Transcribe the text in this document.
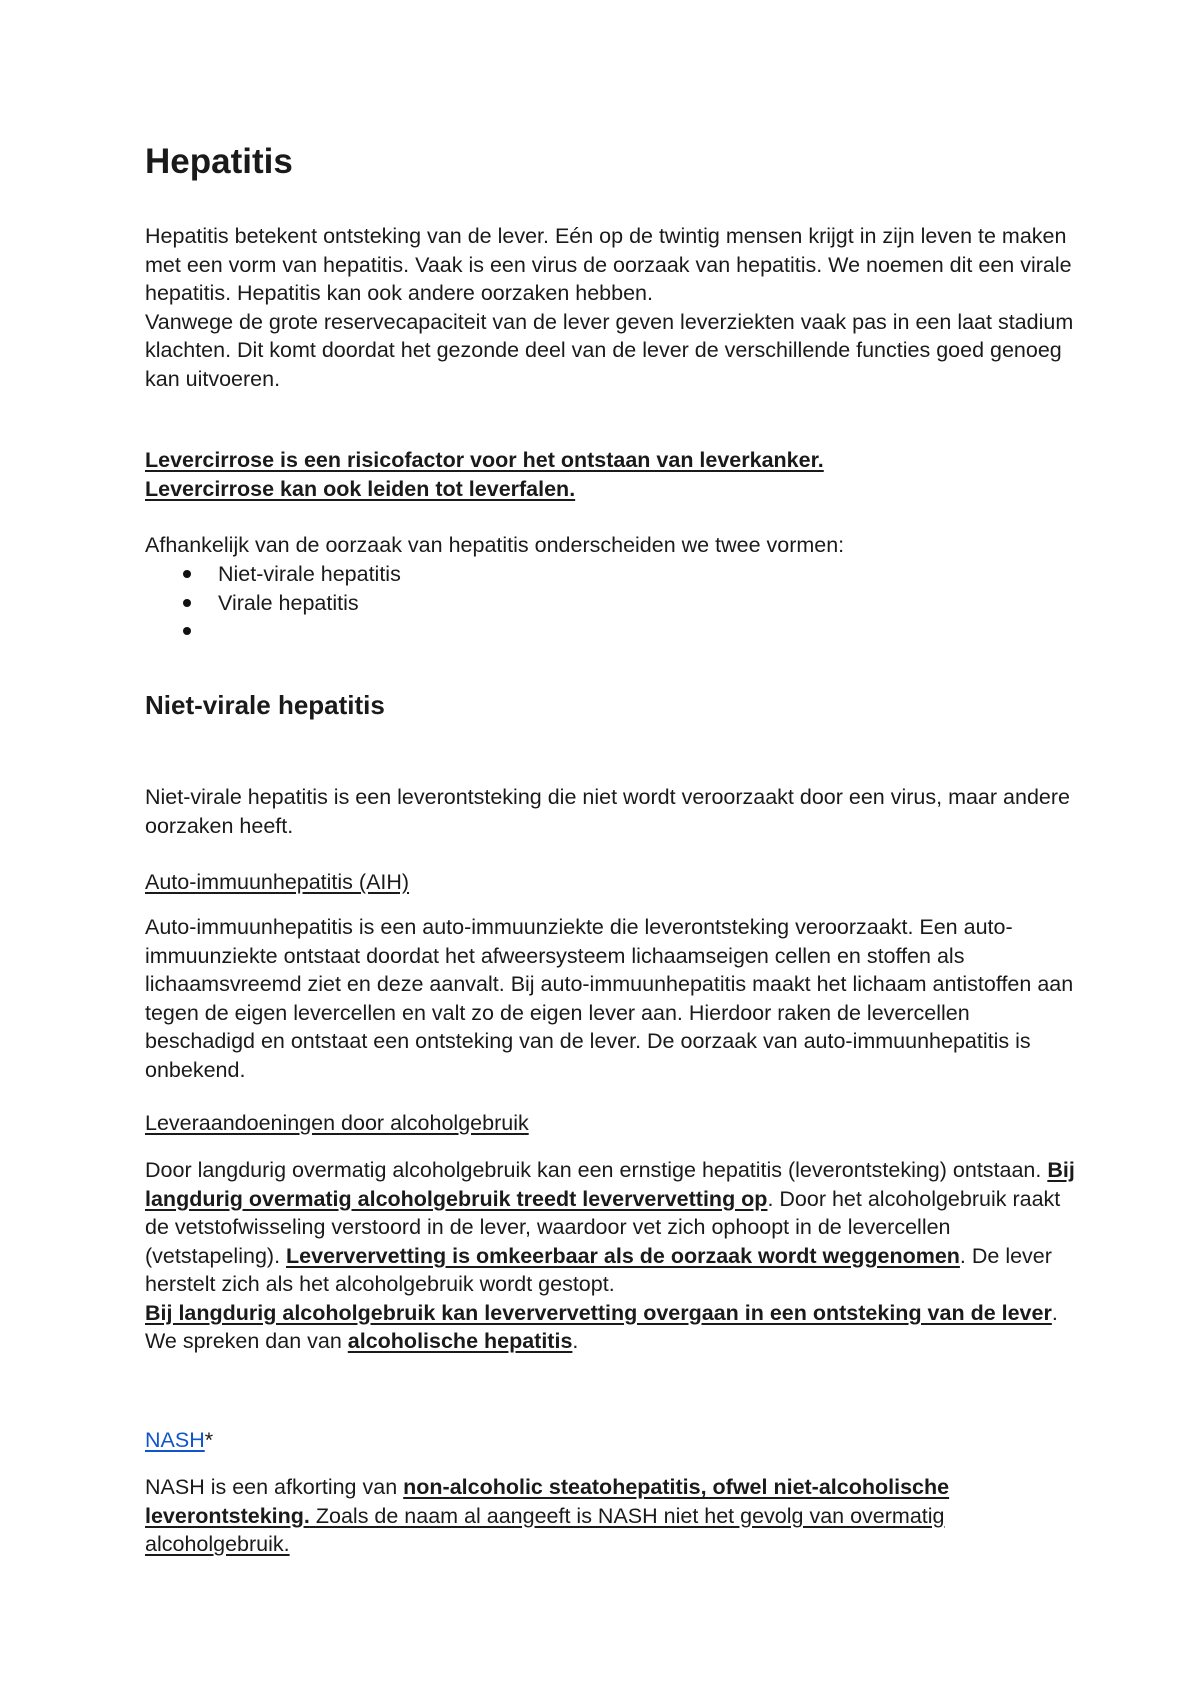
Hepatitis
Hepatitis betekent ontsteking van de lever. Eén op de twintig mensen krijgt in zijn leven te maken met een vorm van hepatitis. Vaak is een virus de oorzaak van hepatitis. We noemen dit een virale hepatitis. Hepatitis kan ook andere oorzaken hebben.
Vanwege de grote reservecapaciteit van de lever geven leverziekten vaak pas in een laat stadium klachten. Dit komt doordat het gezonde deel van de lever de verschillende functies goed genoeg kan uitvoeren.
Levercirrose is een risicofactor voor het ontstaan van leverkanker.
Levercirrose kan ook leiden tot leverfalen.
Afhankelijk van de oorzaak van hepatitis onderscheiden we twee vormen:
Niet-virale hepatitis
Virale hepatitis
Niet-virale hepatitis
Niet-virale hepatitis is een leverontsteking die niet wordt veroorzaakt door een virus, maar andere oorzaken heeft.
Auto-immuunhepatitis (AIH)
Auto-immuunhepatitis is een auto-immuunziekte die leverontsteking veroorzaakt. Een auto-immuunziekte ontstaat doordat het afweersysteem lichaamseigen cellen en stoffen als lichaamsvreemd ziet en deze aanvalt. Bij auto-immuunhepatitis maakt het lichaam antistoffen aan tegen de eigen levercellen en valt zo de eigen lever aan. Hierdoor raken de levercellen beschadigd en ontstaat een ontsteking van de lever. De oorzaak van auto-immuunhepatitis is onbekend.
Leveraandoeningen door alcoholgebruik
Door langdurig overmatig alcoholgebruik kan een ernstige hepatitis (leverontsteking) ontstaan. Bij langdurig overmatig alcoholgebruik treedt leververvetting op. Door het alcoholgebruik raakt de vetstofwisseling verstoord in de lever, waardoor vet zich ophoopt in de levercellen (vetstapeling). Leververvetting is omkeerbaar als de oorzaak wordt weggenomen. De lever herstelt zich als het alcoholgebruik wordt gestopt.
Bij langdurig alcoholgebruik kan leververvetting overgaan in een ontsteking van de lever. We spreken dan van alcoholische hepatitis.
NASH*
NASH is een afkorting van non-alcoholic steatohepatitis, ofwel niet-alcoholische leverontsteking. Zoals de naam al aangeeft is NASH niet het gevolg van overmatig alcoholgebruik.
